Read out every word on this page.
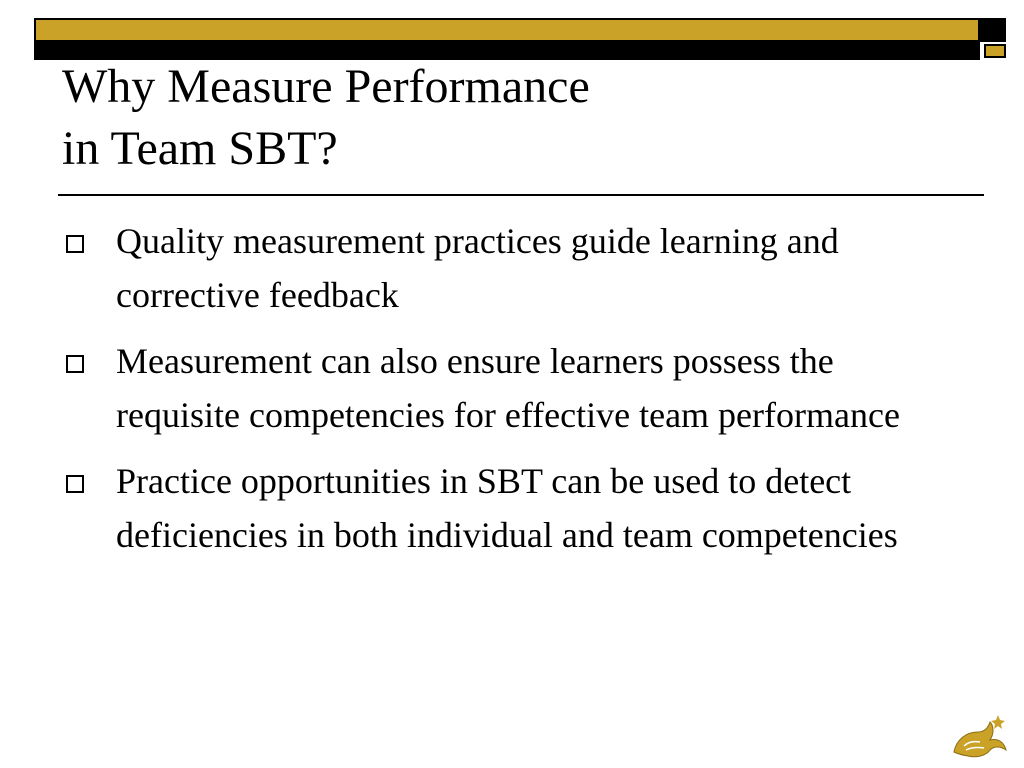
Why Measure Performance
in Team SBT?
Quality measurement practices guide learning and corrective feedback
Measurement can also ensure learners possess the requisite competencies for effective team performance
Practice opportunities in SBT can be used to detect deficiencies in both individual and team competencies
